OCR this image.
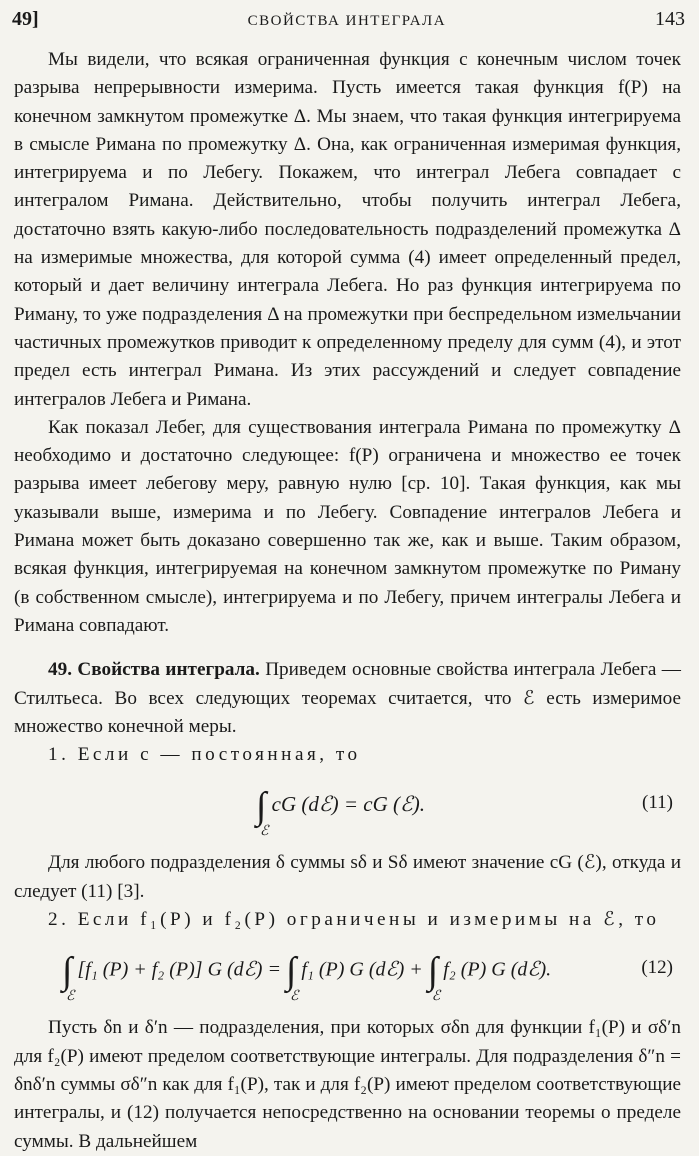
49]	СВОЙСТВА ИНТЕГРАЛА	143

Мы видели, что всякая ограниченная функция с конечным числом точек разрыва непрерывности измерима. Пусть имеется такая функция f(P) на конечном замкнутом промежутке Δ. Мы знаем, что такая функция интегрируема в смысле Римана по промежутку Δ. Она, как ограниченная измеримая функция, интегрируема и по Лебегу. Покажем, что интеграл Лебега совпадает с интегралом Римана. Действительно, чтобы получить интеграл Лебега, достаточно взять какую-либо последовательность подразделений промежутка Δ на измеримые множества, для которой сумма (4) имеет определенный предел, который и дает величину интеграла Лебега. Но раз функция интегрируема по Риману, то уже подразделения Δ на промежутки при беспредельном измельчании частичных промежутков приводит к определенному пределу для сумм (4), и этот предел есть интеграл Римана. Из этих рассуждений и следует совпадение интегралов Лебега и Римана.

Как показал Лебег, для существования интеграла Римана по промежутку Δ необходимо и достаточно следующее: f(P) ограничена и множество ее точек разрыва имеет лебегову меру, равную нулю [ср. 10]. Такая функция, как мы указывали выше, измерима и по Лебегу. Совпадение интегралов Лебега и Римана может быть доказано совершенно так же, как и выше. Таким образом, всякая функция, интегрируемая на конечном замкнутом промежутке по Риману (в собственном смысле), интегрируема и по Лебегу, причем интегралы Лебега и Римана совпадают.

49. Свойства интеграла. Приведем основные свойства интеграла Лебега — Стилтьеса. Во всех следующих теоремах считается, что ℰ есть измеримое множество конечной меры.

1. Если c — постоянная, то

∫
ℰ
cG (dℰ) = cG (ℰ).	(11)

Для любого подразделения δ суммы sδ и Sδ имеют значение cG (ℰ), откуда и следует (11) [3].

2. Если f₁(P) и f₂(P) ограничены и измеримы на ℰ, то

∫
ℰ
[f₁ (P) + f₂ (P)] G (dℰ) = ∫
ℰ
f₁ (P) G (dℰ) + ∫
ℰ
f₂ (P) G (dℰ).	(12)

Пусть δn и δ′n — подразделения, при которых σδn для функции f₁(P) и σδ′n для f₂(P) имеют пределом соответствующие интегралы. Для подразделения δ″n = δnδ′n суммы σδ″n как для f₁(P), так и для f₂(P) имеют пределом соответствующие интегралы, и (12) получается непосредственно на основании теоремы о пределе суммы. В дальнейшем
